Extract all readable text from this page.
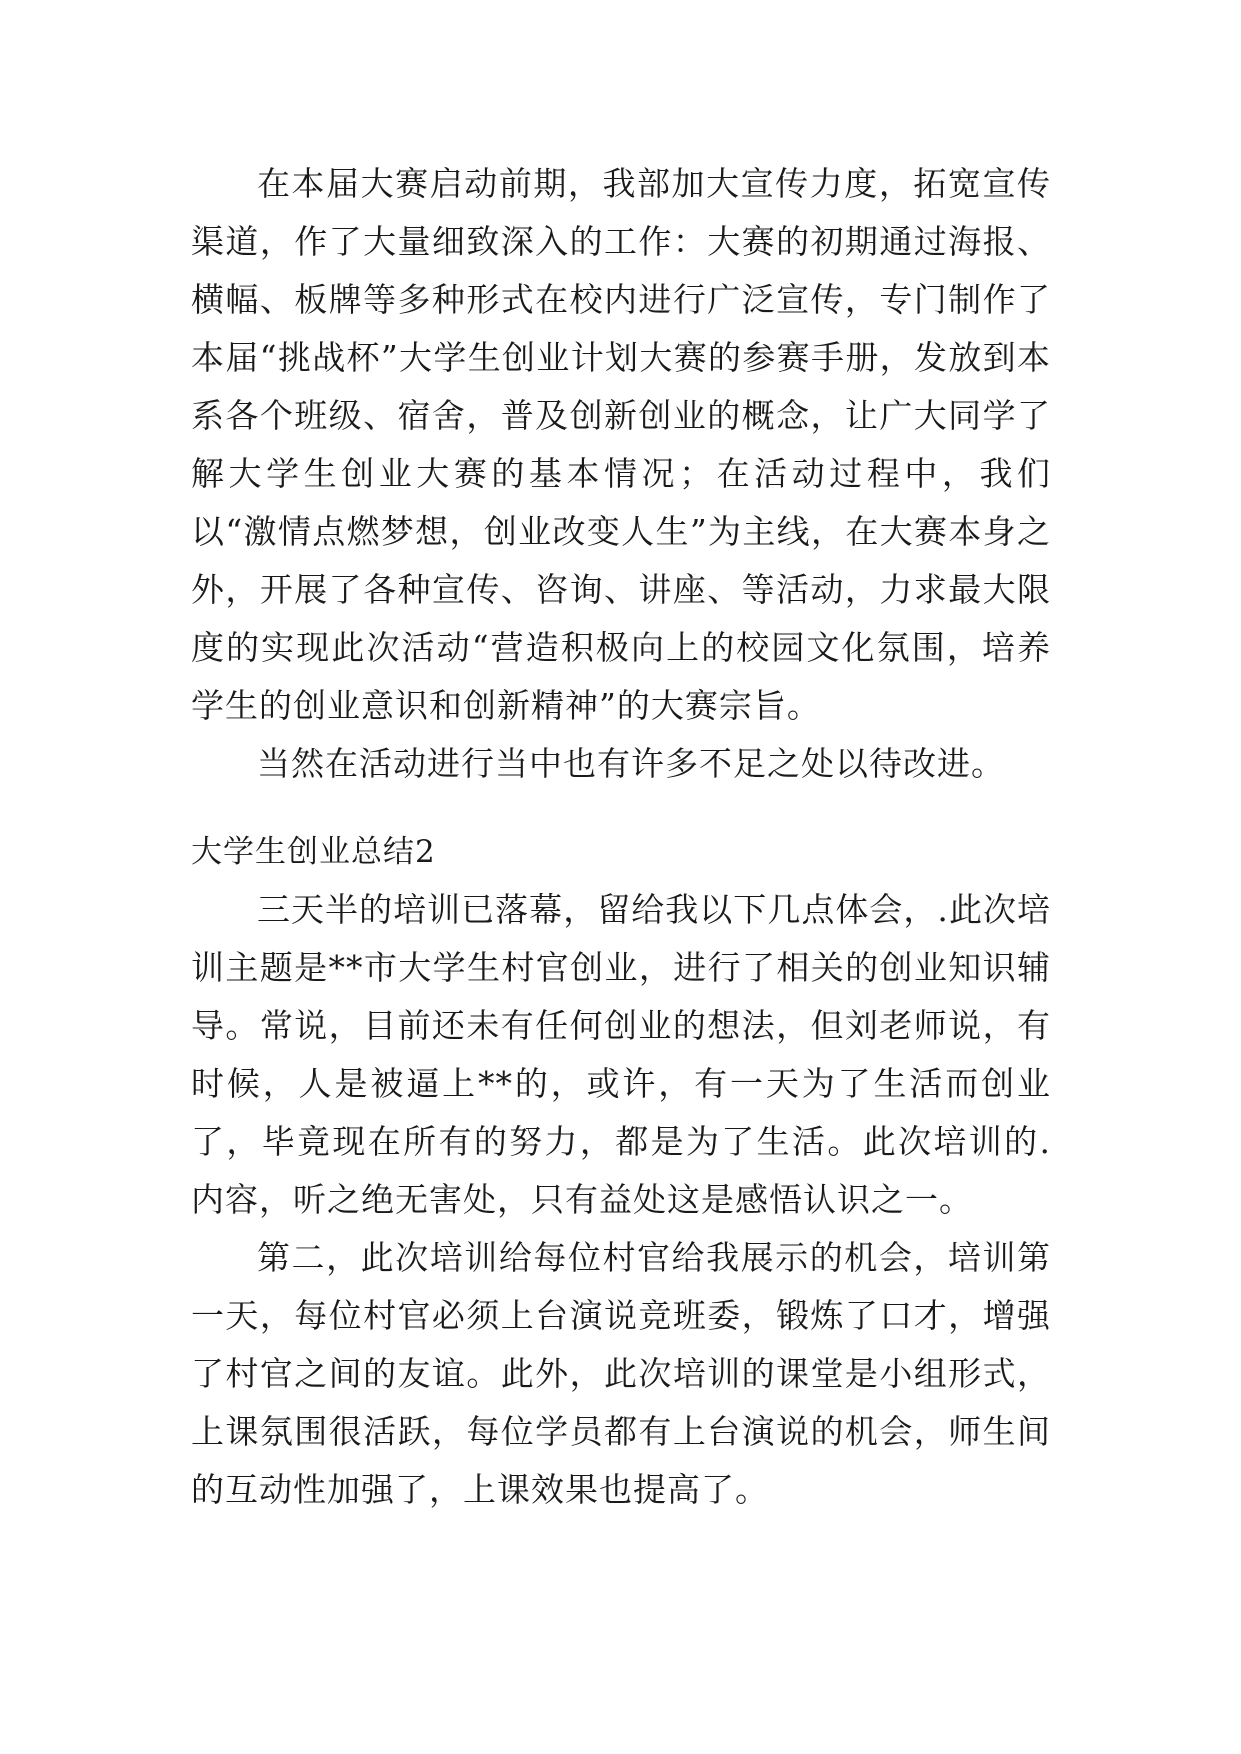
在本届大赛启动前期，我部加大宣传力度，拓宽宣传渠道，作了大量细致深入的工作：大赛的初期通过海报、横幅、板牌等多种形式在校内进行广泛宣传，专门制作了本届“挑战杯”大学生创业计划大赛的参赛手册，发放到本系各个班级、宿舍，普及创新创业的概念，让广大同学了解大学生创业大赛的基本情况；在活动过程中，我们以“激情点燃梦想，创业改变人生”为主线，在大赛本身之外，开展了各种宣传、咨询、讲座、等活动，力求最大限度的实现此次活动“营造积极向上的校园文化氛围，培养学生的创业意识和创新精神”的大赛宗旨。

当然在活动进行当中也有许多不足之处以待改进。

大学生创业总结2

三天半的培训已落幕，留给我以下几点体会，.此次培训主题是**市大学生村官创业，进行了相关的创业知识辅导。常说，目前还未有任何创业的想法，但刘老师说，有时候，人是被逼上**的，或许，有一天为了生活而创业了，毕竟现在所有的努力，都是为了生活。此次培训的.内容，听之绝无害处，只有益处这是感悟认识之一。

第二，此次培训给每位村官给我展示的机会，培训第一天，每位村官必须上台演说竞班委，锻炼了口才，增强了村官之间的友谊。此外，此次培训的课堂是小组形式，上课氛围很活跃，每位学员都有上台演说的机会，师生间的互动性加强了，上课效果也提高了。
